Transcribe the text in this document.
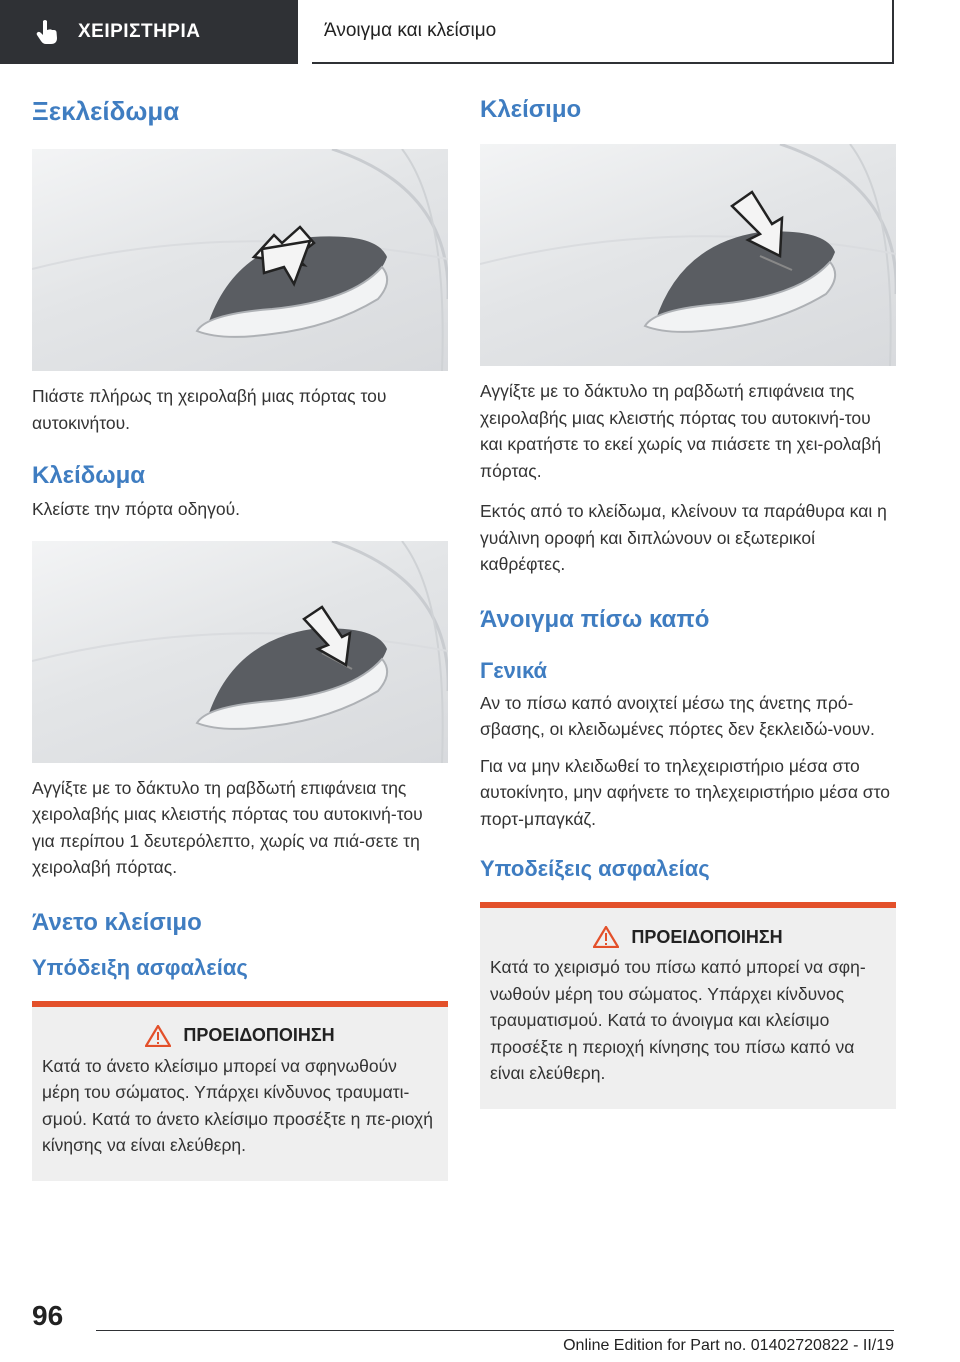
ΧΕΙΡΙΣΤΗΡΙΑ	Άνοιγμα και κλείσιμο
Ξεκλείδωμα

Πιάστε πλήρως τη χειρολαβή μιας πόρτας του αυτοκινήτου.

Κλείδωμα

Κλείστε την πόρτα οδηγού.

Αγγίξτε με το δάκτυλο τη ραβδωτή επιφάνεια της χειρολαβής μιας κλειστής πόρτας του αυτοκινή-του για περίπου 1 δευτερόλεπτο, χωρίς να πιά-σετε τη χειρολαβή πόρτας.

Άνετο κλείσιμο
Υπόδειξη ασφαλείας
ΠΡΟΕΙΔΟΠΟΙΗΣΗ

Κατά το άνετο κλείσιμο μπορεί να σφηνωθούν μέρη του σώματος. Υπάρχει κίνδυνος τραυματι-σμού. Κατά το άνετο κλείσιμο προσέξτε η πε-ριοχή κίνησης να είναι ελεύθερη.

Κλείσιμο

Αγγίξτε με το δάκτυλο τη ραβδωτή επιφάνεια της χειρολαβής μιας κλειστής πόρτας του αυτοκινή-του και κρατήστε το εκεί χωρίς να πιάσετε τη χει-ρολαβή πόρτας.

Εκτός από το κλείδωμα, κλείνουν τα παράθυρα και η γυάλινη οροφή και διπλώνουν οι εξωτερικοί καθρέφτες.

Άνοιγμα πίσω καπό
Γενικά

Αν το πίσω καπό ανοιχτεί μέσω της άνετης πρό-σβασης, οι κλειδωμένες πόρτες δεν ξεκλειδώ-νουν.

Για να μην κλειδωθεί το τηλεχειριστήριο μέσα στο αυτοκίνητο, μην αφήνετε το τηλεχειριστήριο μέσα στο πορτ-μπαγκάζ.

Υποδείξεις ασφαλείας
ΠΡΟΕΙΔΟΠΟΙΗΣΗ

Κατά το χειρισμό του πίσω καπό μπορεί να σφη-νωθούν μέρη του σώματος. Υπάρχει κίνδυνος τραυματισμού. Κατά το άνοιγμα και κλείσιμο προσέξτε η περιοχή κίνησης του πίσω καπό να είναι ελεύθερη.

96
Online Edition for Part no. 01402720822 - II/19
